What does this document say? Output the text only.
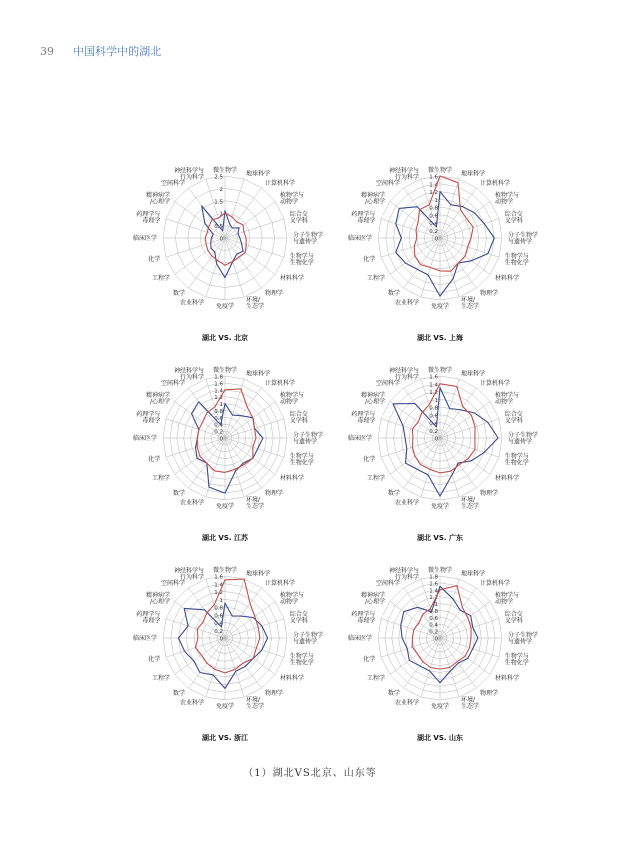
39 中国科学中的湖北
0
0.5
1
1.5
2
2.5
微生物学 地球科学
计算机科学
植物学与动物学
综合交叉学科
分子生物学与遗传学
生物学与生物化学
材料科学
物理学
环境/生态学
免疫学
农业科学
数学
工程学
化学
临床医学
药理学与毒理学
精神病学/心理学
空间科学
神经科学与行为科学
湖北 VS. 北京
0
0.2
0.4
0.6
0.8
1
1.2
1.4
1.6
微生物学 地球科学
计算机科学
植物学与动物学
综合交叉学科
分子生物学与遗传学
生物学与生物化学
材料科学
物理学
环境/生态学
免疫学
农业科学
数学
工程学
化学
临床医学
药理学与毒理学
精神病学/心理学
空间科学
神经科学与行为科学
湖北 VS. 上海
0
0.2
0.4
0.6
0.8
1
1.2
1.4
1.6
1.8
微生物学 地球科学
计算机科学
植物学与动物学
综合交叉学科
分子生物学与遗传学
生物学与生物化学
材料科学
物理学
环境/生态学
免疫学
农业科学
数学
工程学
化学
临床医学
药理学与毒理学
精神病学/心理学
空间科学
神经科学与行为科学
湖北 VS. 江苏
0
0.2
0.4
0.6
0.8
1
1.2
1.4
1.6
微生物学 地球科学
计算机科学
植物学与动物学
综合交叉学科
分子生物学与遗传学
生物学与生物化学
材料科学
物理学
环境/生态学
免疫学
农业科学
数学
工程学
化学
临床医学
药理学与毒理学
精神病学/心理学
空间科学
神经科学与行为科学
湖北 VS. 广东
0
0.2
0.4
0.6
0.8
1
1.2
1.4
1.6
微生物学 地球科学
计算机科学
植物学与动物学
综合交叉学科
分子生物学与遗传学
生物学与生物化学
材料科学
物理学
环境/生态学
免疫学
农业科学
数学
工程学
化学
临床医学
药理学与毒理学
精神病学/心理学
空间科学
神经科学与行为科学
湖北 VS. 浙江
0
0.2
0.4
0.6
0.8
1
1.2
1.4
1.6
1.8
微生物学 地球科学
计算机科学
植物学与动物学
综合交叉学科
分子生物学与遗传学
生物学与生物化学
材料科学
物理学
环境/生态学
免疫学
农业科学
数学
工程学
化学
临床医学
药理学与毒理学
精神病学/心理学
空间科学
神经科学与行为科学
湖北 VS. 山东
（1）湖北VS北京、山东等
